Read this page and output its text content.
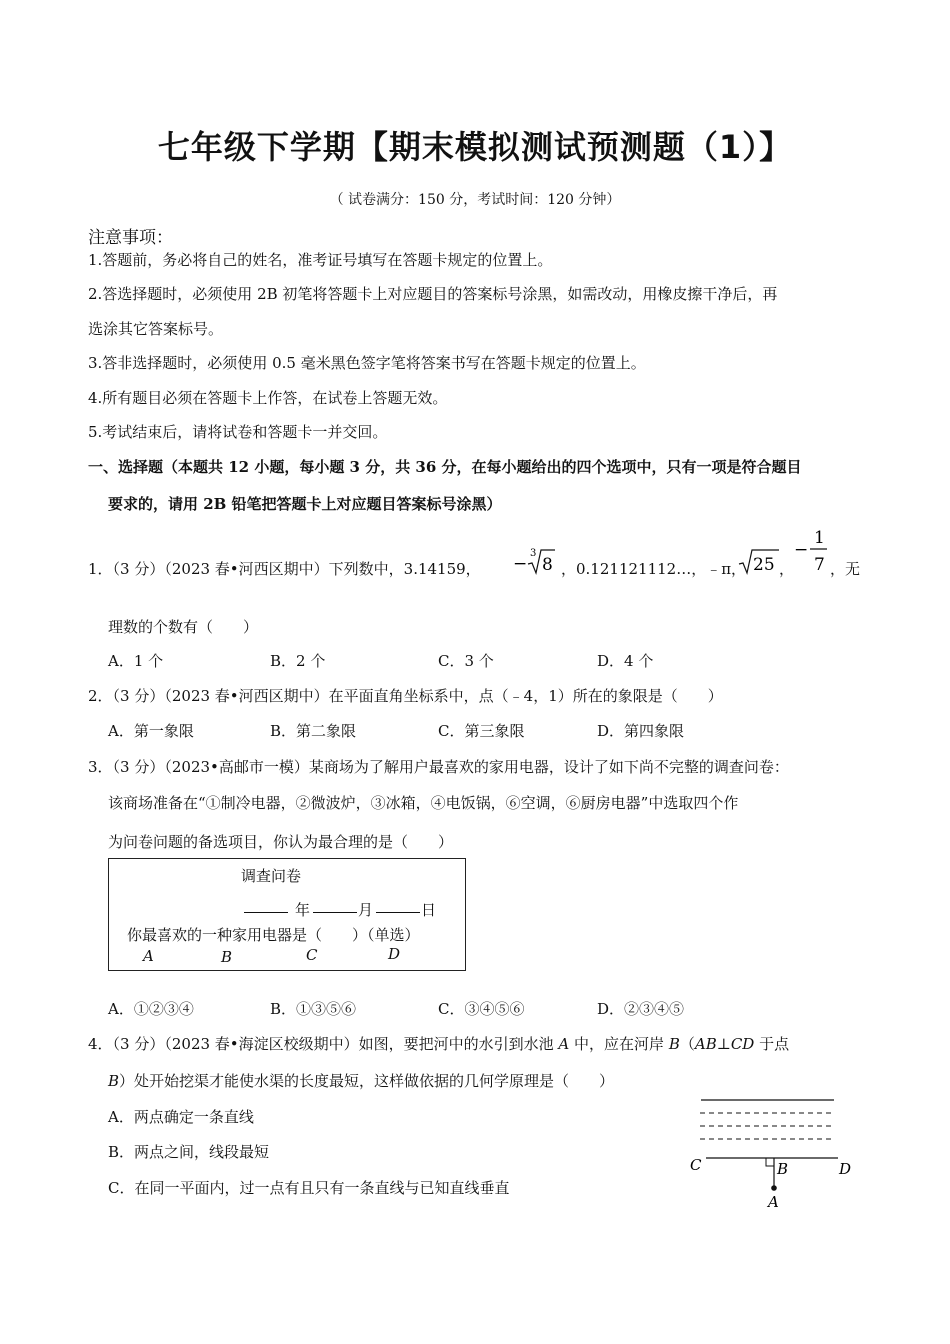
七年级下学期【期末模拟测试预测题（1）】
（ 试卷满分：150 分，考试时间：120 分钟）
注意事项：
1.答题前，务必将自己的姓名，准考证号填写在答题卡规定的位置上。
2.答选择题时，必须使用 2B 初笔将答题卡上对应题目的答案标号涂黑，如需改动，用橡皮擦干净后，再
选涂其它答案标号。
3.答非选择题时，必须使用 0.5 毫米黑色签字笔将答案书写在答题卡规定的位置上。
4.所有题目必须在答题卡上作答，在试卷上答题无效。
5.考试结束后，请将试卷和答题卡一并交回。
一、选择题（本题共 12 小题，每小题 3 分，共 36 分，在每小题给出的四个选项中，只有一项是符合题目
要求的，请用 2B 铅笔把答题卡上对应题目答案标号涂黑）
1．（3 分）（2023 春•河西区期中）下列数中，3.14159， −
3
8 ，0.121121112…，﹣π， 25 ，
−
1
7 ，无
理数的个数有（　　）
A．1 个	B．2 个	C．3 个	D．4 个
2．（3 分）（2023 春•河西区期中）在平面直角坐标系中，点（﹣4，1）所在的象限是（　　）
A．第一象限	B．第二象限	C．第三象限	D．第四象限
3．（3 分）（2023•高邮市一模）某商场为了解用户最喜欢的家用电器，设计了如下尚不完整的调查问卷：
该商场准备在“①制冷电器，②微波炉，③冰箱，④电饭锅，⑥空调，⑥厨房电器”中选取四个作
为问卷问题的备选项目，你认为最合理的是（　　）
调查问卷
年	月	日
你最喜欢的一种家用电器是（　　）（单选）
A	B	C	D
A．①②③④	B．①③⑤⑥	C．③④⑤⑥	D．②③④⑤
4．（3 分）（2023 春•海淀区校级期中）如图，要把河中的水引到水池 A 中，应在河岸 B（AB⊥CD 于点
B）处开始挖渠才能使水渠的长度最短，这样做依据的几何学原理是（　　）
A．两点确定一条直线
B．两点之间，线段最短
C．在同一平面内，过一点有且只有一条直线与已知直线垂直
C	B	D
A
